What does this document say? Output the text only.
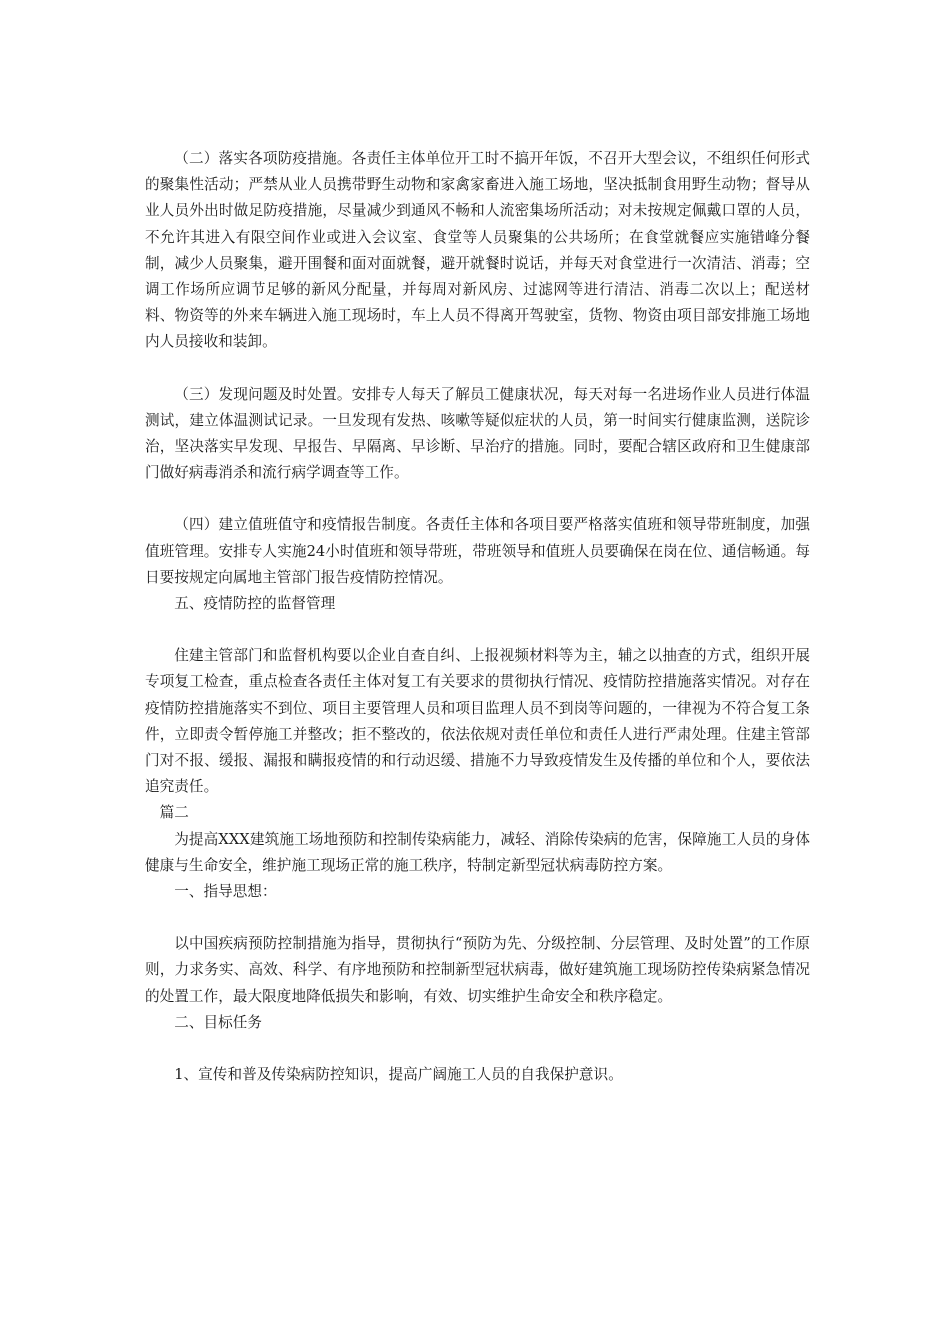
（二）落实各项防疫措施。各责任主体单位开工时不搞开年饭，不召开大型会议，不组织任何形式的聚集性活动；严禁从业人员携带野生动物和家禽家畜进入施工场地，坚决抵制食用野生动物；督导从业人员外出时做足防疫措施，尽量减少到通风不畅和人流密集场所活动；对未按规定佩戴口罩的人员，不允许其进入有限空间作业或进入会议室、食堂等人员聚集的公共场所；在食堂就餐应实施错峰分餐制，减少人员聚集，避开围餐和面对面就餐，避开就餐时说话，并每天对食堂进行一次清洁、消毒；空调工作场所应调节足够的新风分配量，并每周对新风房、过滤网等进行清洁、消毒二次以上；配送材料、物资等的外来车辆进入施工现场时，车上人员不得离开驾驶室，货物、物资由项目部安排施工场地内人员接收和装卸。

（三）发现问题及时处置。安排专人每天了解员工健康状况，每天对每一名进场作业人员进行体温测试，建立体温测试记录。一旦发现有发热、咳嗽等疑似症状的人员，第一时间实行健康监测，送院诊治，坚决落实早发现、早报告、早隔离、早诊断、早治疗的措施。同时，要配合辖区政府和卫生健康部门做好病毒消杀和流行病学调查等工作。

（四）建立值班值守和疫情报告制度。各责任主体和各项目要严格落实值班和领导带班制度，加强值班管理。安排专人实施24小时值班和领导带班，带班领导和值班人员要确保在岗在位、通信畅通。每日要按规定向属地主管部门报告疫情防控情况。

五、疫情防控的监督管理

住建主管部门和监督机构要以企业自查自纠、上报视频材料等为主，辅之以抽查的方式，组织开展专项复工检查，重点检查各责任主体对复工有关要求的贯彻执行情况、疫情防控措施落实情况。对存在疫情防控措施落实不到位、项目主要管理人员和项目监理人员不到岗等问题的，一律视为不符合复工条件，立即责令暂停施工并整改；拒不整改的，依法依规对责任单位和责任人进行严肃处理。住建主管部门对不报、缓报、漏报和瞒报疫情的和行动迟缓、措施不力导致疫情发生及传播的单位和个人，要依法追究责任。

篇二

为提高XXX建筑施工场地预防和控制传染病能力，减轻、消除传染病的危害，保障施工人员的身体健康与生命安全，维护施工现场正常的施工秩序，特制定新型冠状病毒防控方案。

一、指导思想：

以中国疾病预防控制措施为指导，贯彻执行“预防为先、分级控制、分层管理、及时处置”的工作原则，力求务实、高效、科学、有序地预防和控制新型冠状病毒，做好建筑施工现场防控传染病紧急情况的处置工作，最大限度地降低损失和影响，有效、切实维护生命安全和秩序稳定。

二、目标任务

1、宣传和普及传染病防控知识，提高广阔施工人员的自我保护意识。
